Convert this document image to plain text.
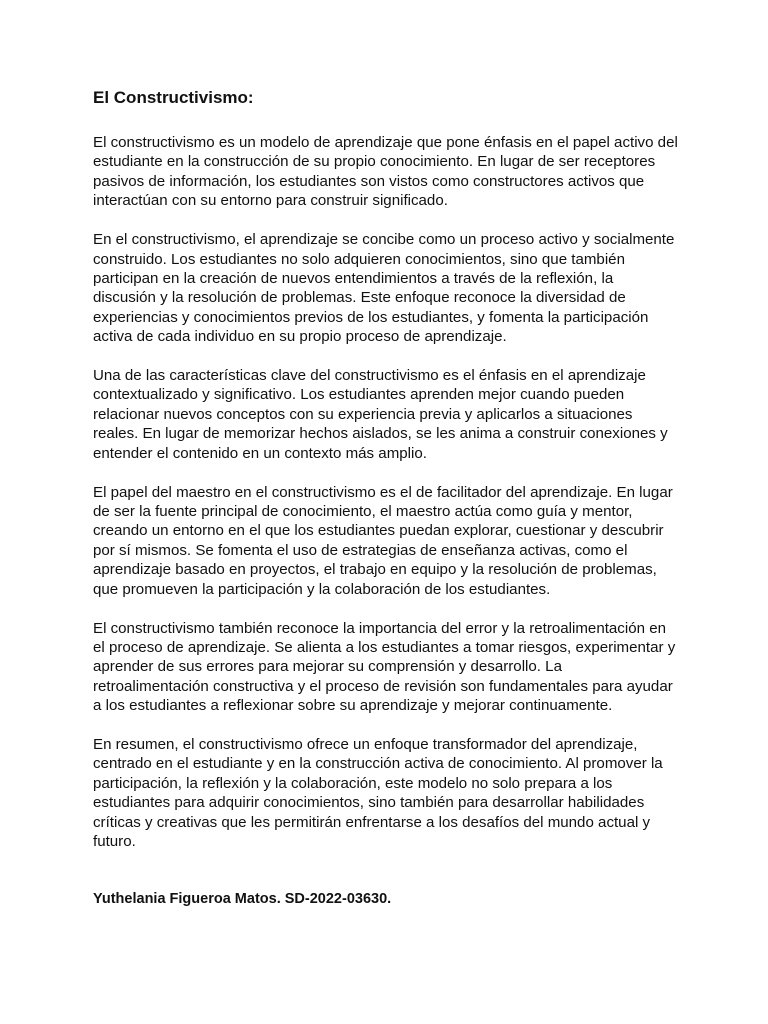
El Constructivismo:

El constructivismo es un modelo de aprendizaje que pone énfasis en el papel activo del estudiante en la construcción de su propio conocimiento. En lugar de ser receptores pasivos de información, los estudiantes son vistos como constructores activos que interactúan con su entorno para construir significado.

En el constructivismo, el aprendizaje se concibe como un proceso activo y socialmente construido. Los estudiantes no solo adquieren conocimientos, sino que también participan en la creación de nuevos entendimientos a través de la reflexión, la discusión y la resolución de problemas. Este enfoque reconoce la diversidad de experiencias y conocimientos previos de los estudiantes, y fomenta la participación activa de cada individuo en su propio proceso de aprendizaje.

Una de las características clave del constructivismo es el énfasis en el aprendizaje contextualizado y significativo. Los estudiantes aprenden mejor cuando pueden relacionar nuevos conceptos con su experiencia previa y aplicarlos a situaciones reales. En lugar de memorizar hechos aislados, se les anima a construir conexiones y entender el contenido en un contexto más amplio.

El papel del maestro en el constructivismo es el de facilitador del aprendizaje. En lugar de ser la fuente principal de conocimiento, el maestro actúa como guía y mentor, creando un entorno en el que los estudiantes puedan explorar, cuestionar y descubrir por sí mismos. Se fomenta el uso de estrategias de enseñanza activas, como el aprendizaje basado en proyectos, el trabajo en equipo y la resolución de problemas, que promueven la participación y la colaboración de los estudiantes.

El constructivismo también reconoce la importancia del error y la retroalimentación en el proceso de aprendizaje. Se alienta a los estudiantes a tomar riesgos, experimentar y aprender de sus errores para mejorar su comprensión y desarrollo. La retroalimentación constructiva y el proceso de revisión son fundamentales para ayudar a los estudiantes a reflexionar sobre su aprendizaje y mejorar continuamente.

En resumen, el constructivismo ofrece un enfoque transformador del aprendizaje, centrado en el estudiante y en la construcción activa de conocimiento. Al promover la participación, la reflexión y la colaboración, este modelo no solo prepara a los estudiantes para adquirir conocimientos, sino también para desarrollar habilidades críticas y creativas que les permitirán enfrentarse a los desafíos del mundo actual y futuro.

Yuthelania Figueroa Matos. SD-2022-03630.
